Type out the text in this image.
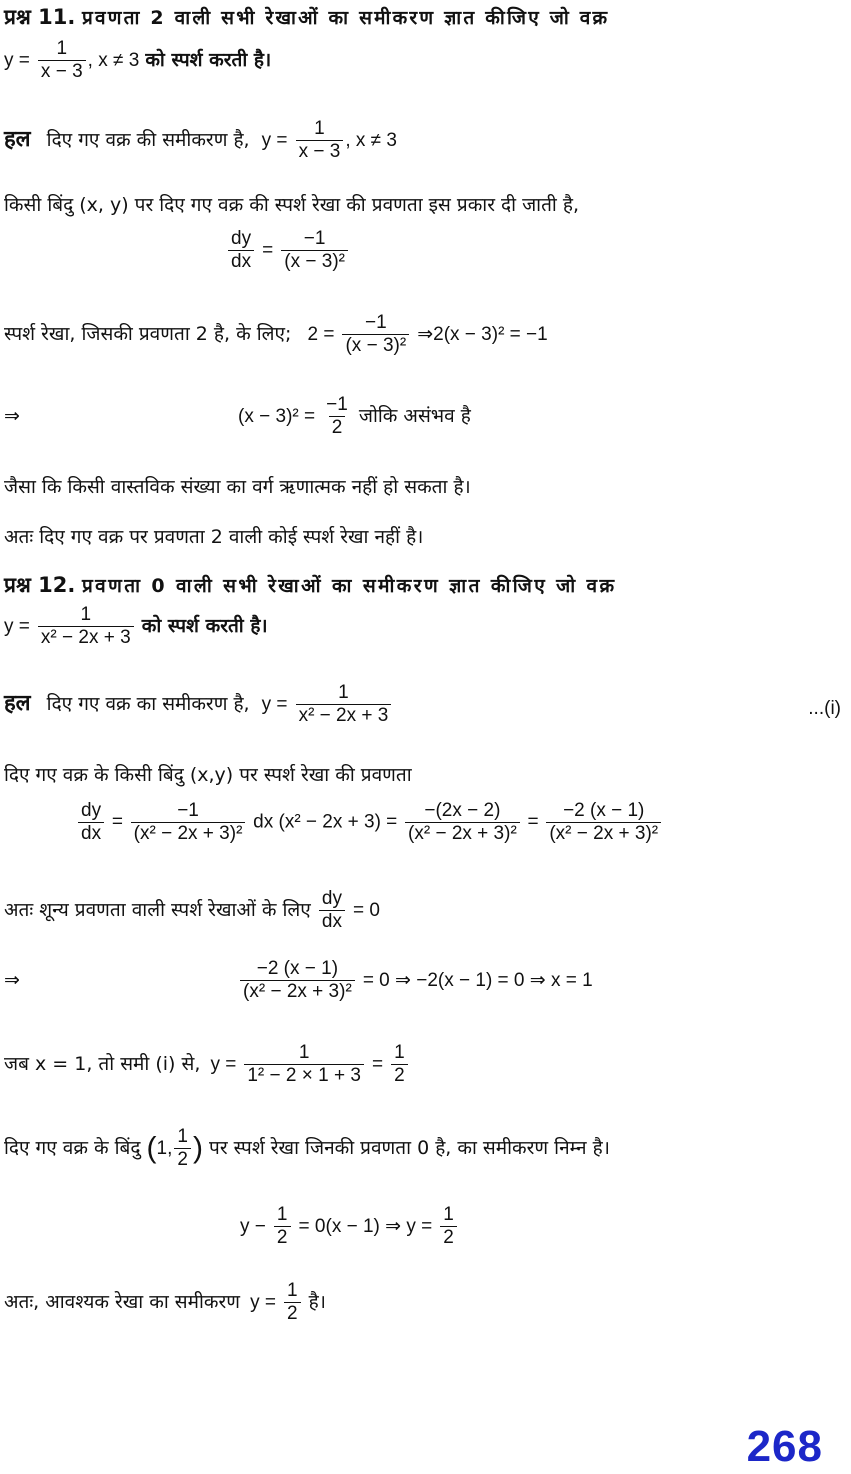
प्रश्न 11. प्रवणता 2 वाली सभी रेखाओं का समीकरण ज्ञात कीजिए जो वक्र
$y = \frac{1}{x - 3}$ , x ≠ 3 को स्पर्श करती है।
हल दिए गए वक्र की समीकरण है, $y = \frac{1}{x - 3}$ , x ≠ 3
किसी बिंदु (x, y) पर दिए गए वक्र की स्पर्श रेखा की प्रवणता इस प्रकार दी जाती है,
$\frac{dy}{dx} = \frac{-1}{\text{(x − 3)²}}$
स्पर्श रेखा, जिसकी प्रवणता 2 है, के लिए; $2 = \frac{-1}{\text{(x − 3)²}}$ ⇒2(x − 3)² = −1
⇒	$(x - 3)^2 = \frac{-1}{2}$ जोकि असंभव है
जैसा कि किसी वास्तविक संख्या का वर्ग ऋणात्मक नहीं हो सकता है।
अतः दिए गए वक्र पर प्रवणता 2 वाली कोई स्पर्श रेखा नहीं है।
प्रश्न 12. प्रवणता 0 वाली सभी रेखाओं का समीकरण ज्ञात कीजिए जो वक्र
$y = \frac{1}{\text{x² − 2x + 3}}$ को स्पर्श करती है।
हल दिए गए वक्र का समीकरण है, $y = \frac{1}{\text{x² − 2x + 3}}$	...(i)
दिए गए वक्र के किसी बिंदु (x,y) पर स्पर्श रेखा की प्रवणता
$\frac{dy}{dx} = \frac{-1}{\text{(x² − 2x + 3)²}}$ dx $(x^2 - 2x + 3) = \frac{-(2x - 2)}{\text{(x² − 2x + 3)²}} = \frac{-2 (x - 1)}{\text{(x² − 2x + 3)²}}$
अतः शून्य प्रवणता वाली स्पर्श रेखाओं के लिए $\frac{dy}{dx} = 0$
⇒	$\frac{-2 (x - 1)}{\text{(x² − 2x + 3)²}} = 0$ ⇒ −2(x − 1) = 0 ⇒ x = 1
जब x = 1, तो समी (i) से, $y = \frac{1}{\text{1² − 2 × 1 + 3}} = \frac{1}{2}$
दिए गए वक्र के बिंदु (1, $\frac{1}{2}$ ) पर स्पर्श रेखा जिनकी प्रवणता 0 है, का समीकरण निम्न है।
$y - \frac{1}{2} = 0(x - 1)$ ⇒ $y = \frac{1}{2}$
अतः, आवश्यक रेखा का समीकरण $y = \frac{1}{2}$ है।
268
